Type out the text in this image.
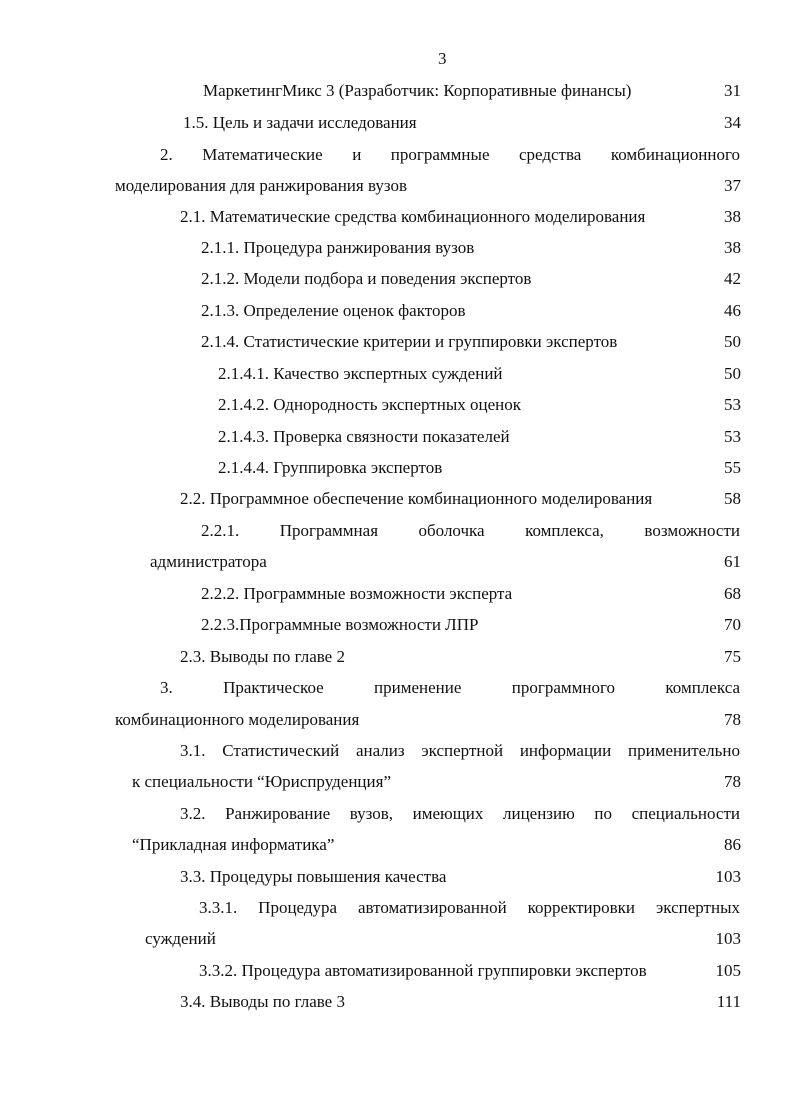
3
МаркетингМикс 3 (Разработчик: Корпоративные финансы)	31
1.5. Цель и задачи исследования	34
2. Математические и программные средства комбинационного
моделирования для ранжирования вузов	37
2.1. Математические средства комбинационного моделирования	38
2.1.1. Процедура ранжирования вузов	38
2.1.2. Модели подбора и поведения экспертов	42
2.1.3. Определение оценок факторов	46
2.1.4. Статистические критерии и группировки экспертов	50
2.1.4.1. Качество экспертных суждений	50
2.1.4.2. Однородность экспертных оценок	53
2.1.4.3. Проверка связности показателей	53
2.1.4.4. Группировка экспертов	55
2.2. Программное обеспечение комбинационного моделирования	58
2.2.1. Программная оболочка комплекса, возможности
администратора	61
2.2.2. Программные возможности эксперта	68
2.2.3.Программные возможности ЛПР	70
2.3. Выводы по главе 2	75
3. Практическое применение программного комплекса
комбинационного моделирования	78
3.1. Статистический анализ экспертной информации применительно
к специальности “Юриспруденция”	78
3.2. Ранжирование вузов, имеющих лицензию по специальности
“Прикладная информатика”	86
3.3. Процедуры повышения качества	103
3.3.1. Процедура автоматизированной корректировки экспертных
суждений	103
3.3.2. Процедура автоматизированной группировки экспертов	105
3.4. Выводы по главе 3	111
